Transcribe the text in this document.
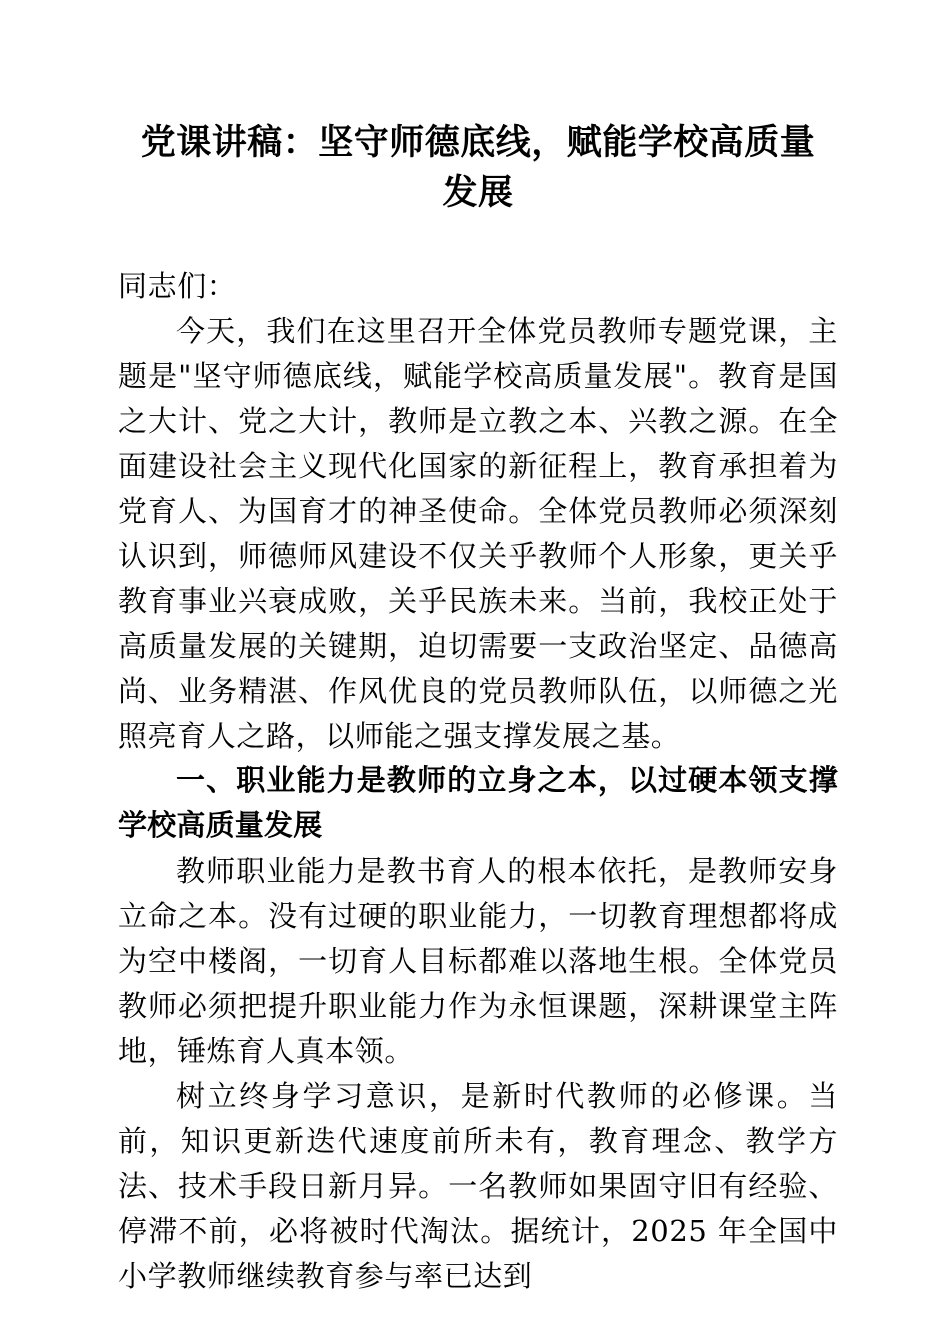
党课讲稿：坚守师德底线，赋能学校高质量发展

同志们：

今天，我们在这里召开全体党员教师专题党课，主题是"坚守师德底线，赋能学校高质量发展"。教育是国之大计、党之大计，教师是立教之本、兴教之源。在全面建设社会主义现代化国家的新征程上，教育承担着为党育人、为国育才的神圣使命。全体党员教师必须深刻认识到，师德师风建设不仅关乎教师个人形象，更关乎教育事业兴衰成败，关乎民族未来。当前，我校正处于高质量发展的关键期，迫切需要一支政治坚定、品德高尚、业务精湛、作风优良的党员教师队伍，以师德之光照亮育人之路，以师能之强支撑发展之基。

一、职业能力是教师的立身之本，以过硬本领支撑学校高质量发展

教师职业能力是教书育人的根本依托，是教师安身立命之本。没有过硬的职业能力，一切教育理想都将成为空中楼阁，一切育人目标都难以落地生根。全体党员教师必须把提升职业能力作为永恒课题，深耕课堂主阵地，锤炼育人真本领。

树立终身学习意识，是新时代教师的必修课。当前，知识更新迭代速度前所未有，教育理念、教学方法、技术手段日新月异。一名教师如果固守旧有经验、停滞不前，必将被时代淘汰。据统计，2025 年全国中小学教师继续教育参与率已达到
